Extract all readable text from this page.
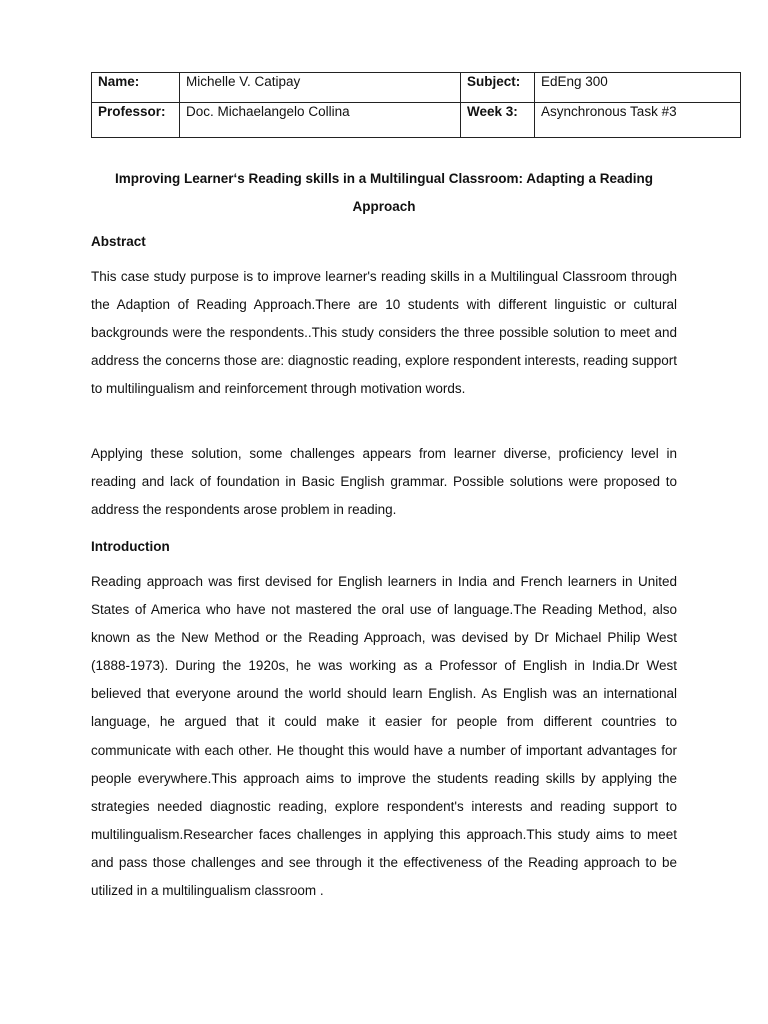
Name:	Michelle V. Catipay	Subject:	EdEng 300
Professor:	Doc. Michaelangelo Collina	Week 3:	Asynchronous Task #3

Improving Learner‘s Reading skills in a Multilingual Classroom: Adapting a Reading Approach

Abstract

This case study purpose is to improve learner's reading skills in a Multilingual Classroom through the Adaption of Reading Approach.There are 10 students with different linguistic or cultural backgrounds were the respondents..This study considers the three possible solution to meet and address the concerns those are: diagnostic reading, explore respondent interests, reading support to multilingualism and reinforcement through motivation words.

Applying these solution, some challenges appears from learner diverse, proficiency level in reading and lack of foundation in Basic English grammar. Possible solutions were proposed to address the respondents arose problem in reading.

Introduction

Reading approach was first devised for English learners in India and French learners in United States of America who have not mastered the oral use of language.The Reading Method, also known as the New Method or the Reading Approach, was devised by Dr Michael Philip West (1888-1973). During the 1920s, he was working as a Professor of English in India.Dr West believed that everyone around the world should learn English. As English was an international language, he argued that it could make it easier for people from different countries to communicate with each other. He thought this would have a number of important advantages for people everywhere.This approach aims to improve the students reading skills by applying the strategies needed diagnostic reading, explore respondent's interests and reading support to multilingualism.Researcher faces challenges in applying this approach.This study aims to meet and pass those challenges and see through it the effectiveness of the Reading approach to be utilized in a multilingualism classroom .
